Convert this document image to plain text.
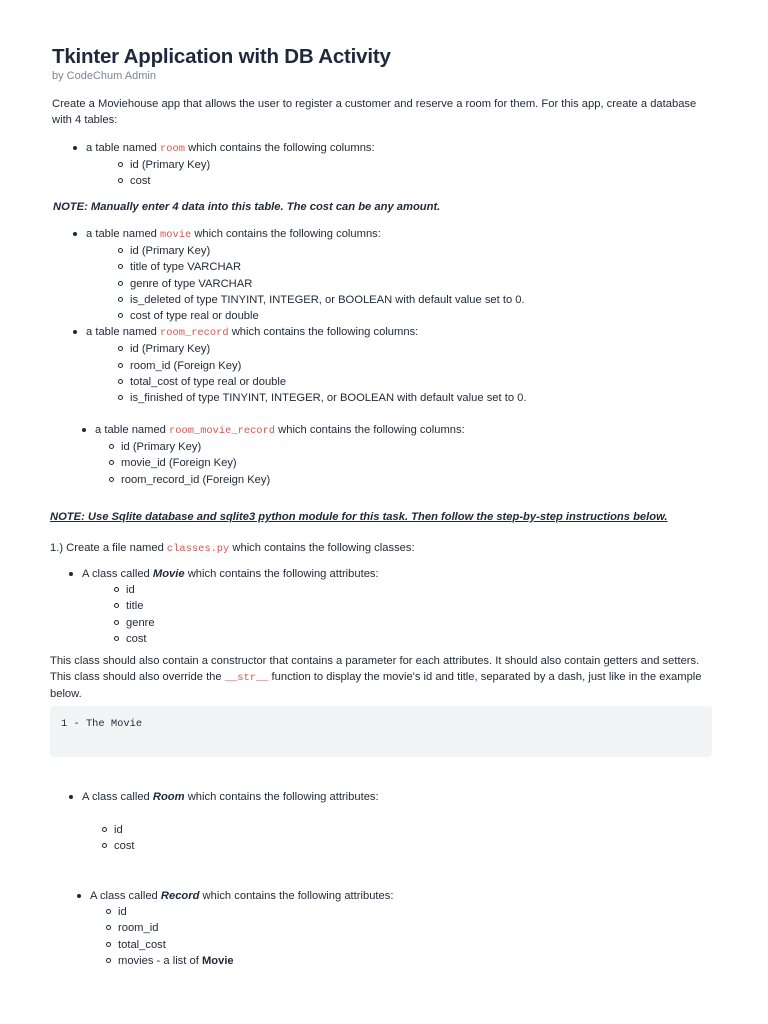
Tkinter Application with DB Activity
by CodeChum Admin

Create a Moviehouse app that allows the user to register a customer and reserve a room for them. For this app, create a database with 4 tables:

a table named room which contains the following columns:
id (Primary Key)
cost
NOTE: Manually enter 4 data into this table. The cost can be any amount.
a table named movie which contains the following columns:
id (Primary Key)
title of type VARCHAR
genre of type VARCHAR
is_deleted of type TINYINT, INTEGER, or BOOLEAN with default value set to 0.
cost of type real or double
a table named room_record which contains the following columns:
id (Primary Key)
room_id (Foreign Key)
total_cost of type real or double
is_finished of type TINYINT, INTEGER, or BOOLEAN with default value set to 0.
a table named room_movie_record which contains the following columns:
id (Primary Key)
movie_id (Foreign Key)
room_record_id (Foreign Key)
NOTE: Use Sqlite database and sqlite3 python module for this task. Then follow the step-by-step instructions below.
1.) Create a file named classes.py which contains the following classes:
A class called Movie which contains the following attributes:
id
title
genre
cost

This class should also contain a constructor that contains a parameter for each attributes. It should also contain getters and setters. This class should also override the __str__ function to display the movie's id and title, separated by a dash, just like in the example below.

1 - The Movie
A class called Room which contains the following attributes:
id
cost
A class called Record which contains the following attributes:
id
room_id
total_cost
movies - a list of Movie
